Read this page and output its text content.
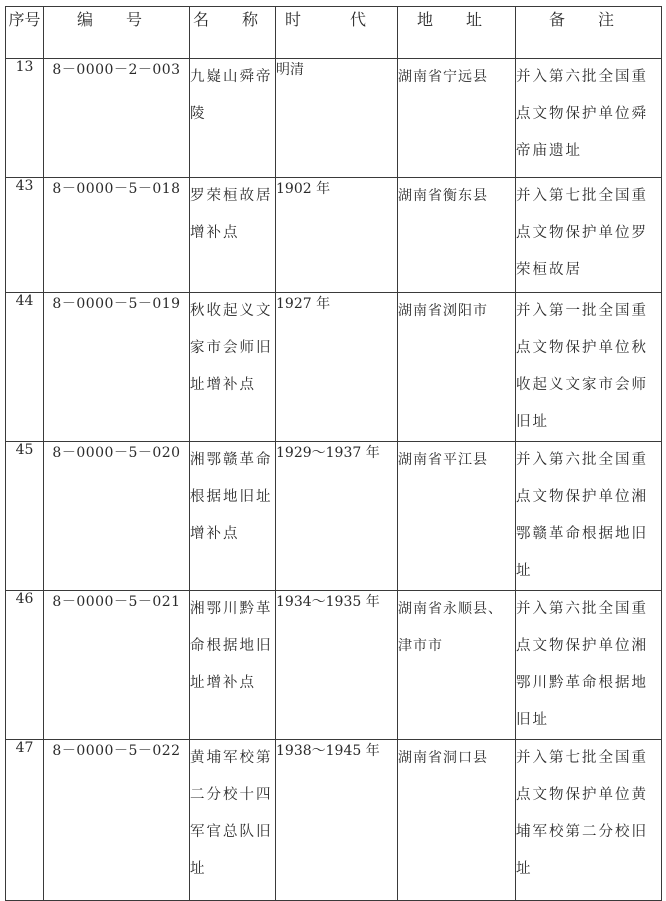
序号	编 号	名 称	时 代	地 址	备 注
13	8－0000－2－003	九嶷山舜帝陵	明清	湖南省宁远县	并入第六批全国重点文物保护单位舜帝庙遗址
43	8－0000－5－018	罗荣桓故居增补点	1902 年	湖南省衡东县	并入第七批全国重点文物保护单位罗荣桓故居
44	8－0000－5－019	秋收起义文家市会师旧址增补点	1927 年	湖南省浏阳市	并入第一批全国重点文物保护单位秋收起义文家市会师旧址
45	8－0000－5－020	湘鄂赣革命根据地旧址增补点	1929～1937 年	湖南省平江县	并入第六批全国重点文物保护单位湘鄂赣革命根据地旧址
46	8－0000－5－021	湘鄂川黔革命根据地旧址增补点	1934～1935 年	湖南省永顺县、津市市	并入第六批全国重点文物保护单位湘鄂川黔革命根据地旧址
47	8－0000－5－022	黄埔军校第二分校十四军官总队旧址	1938～1945 年	湖南省洞口县	并入第七批全国重点文物保护单位黄埔军校第二分校旧址
